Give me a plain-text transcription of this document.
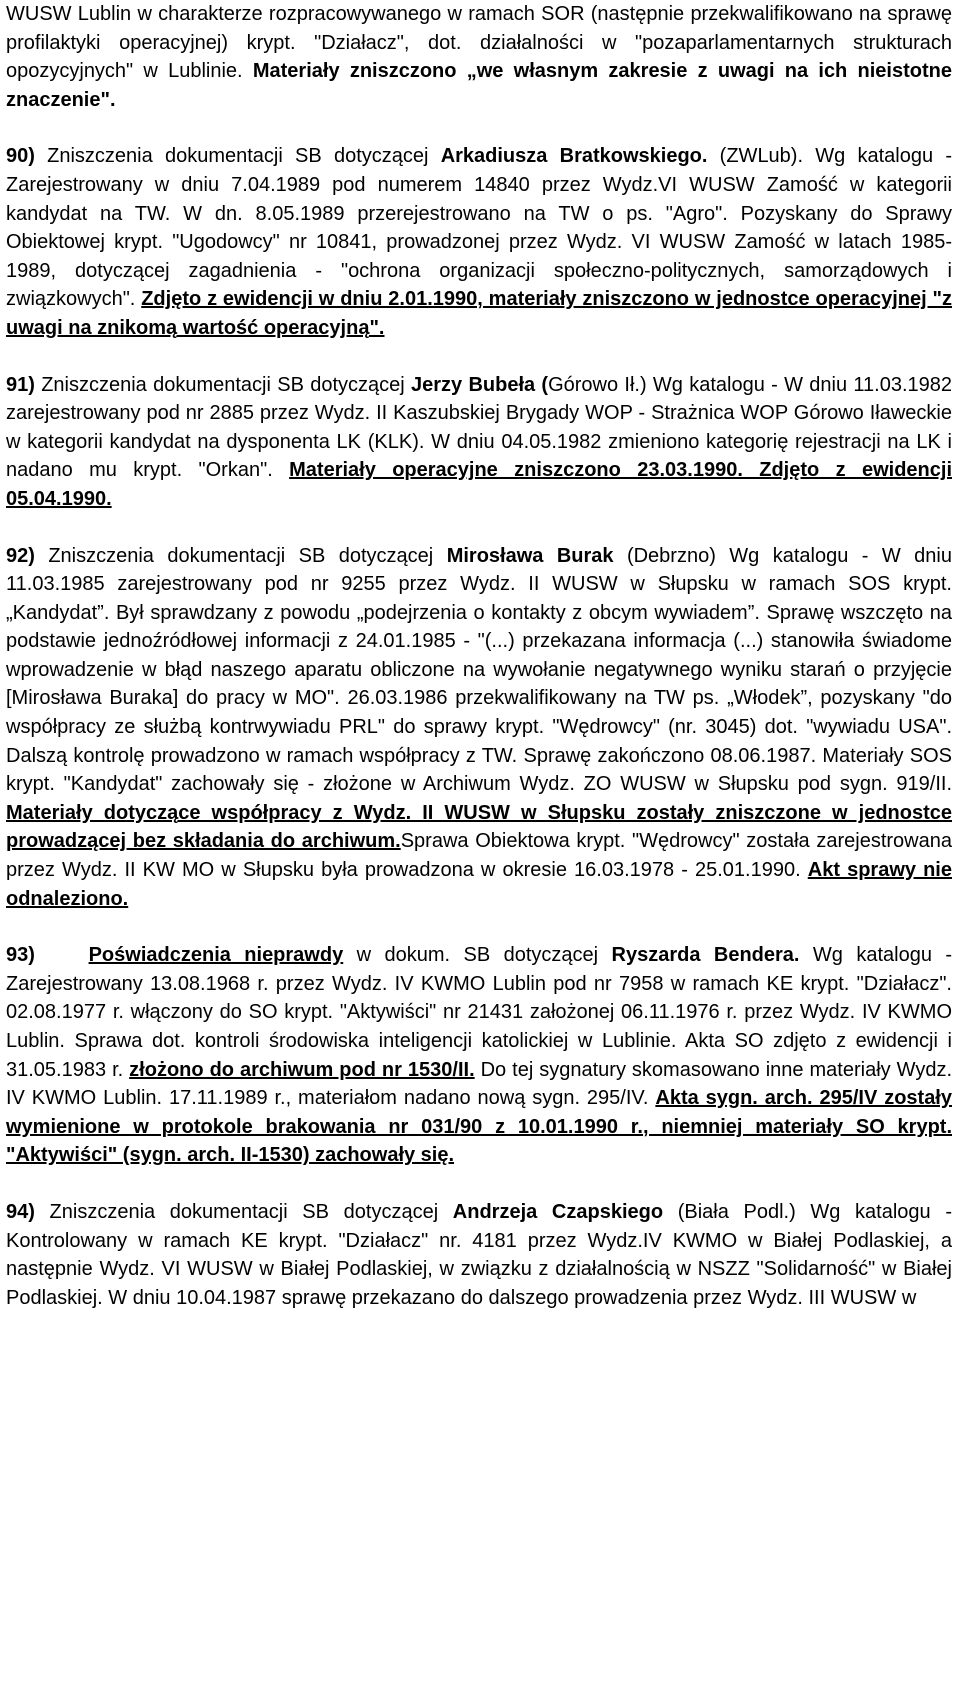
WUSW Lublin w charakterze rozpracowywanego w ramach SOR (następnie przekwalifikowano na sprawę profilaktyki operacyjnej) krypt. "Działacz", dot. działalności w "pozaparlamentarnych strukturach opozycyjnych" w Lublinie. Materiały zniszczono „we własnym zakresie z uwagi na ich nieistotne znaczenie".

90) Zniszczenia dokumentacji SB dotyczącej Arkadiusza Bratkowskiego. (ZWLub). Wg katalogu - Zarejestrowany w dniu 7.04.1989 pod numerem 14840 przez Wydz.VI WUSW Zamość w kategorii kandydat na TW. W dn. 8.05.1989 przerejestrowano na TW o ps. "Agro". Pozyskany do Sprawy Obiektowej krypt. "Ugodowcy" nr 10841, prowadzonej przez Wydz. VI WUSW Zamość w latach 1985-1989, dotyczącej zagadnienia - "ochrona organizacji społeczno-politycznych, samorządowych i związkowych". Zdjęto z ewidencji w dniu 2.01.1990, materiały zniszczono w jednostce operacyjnej "z uwagi na znikomą wartość operacyjną".

91) Zniszczenia dokumentacji SB dotyczącej Jerzy Bubeła (Górowo Ił.) Wg katalogu - W dniu 11.03.1982 zarejestrowany pod nr 2885 przez Wydz. II Kaszubskiej Brygady WOP - Strażnica WOP Górowo Iławeckie w kategorii kandydat na dysponenta LK (KLK). W dniu 04.05.1982 zmieniono kategorię rejestracji na LK i nadano mu krypt. "Orkan". Materiały operacyjne zniszczono 23.03.1990. Zdjęto z ewidencji 05.04.1990.

92) Zniszczenia dokumentacji SB dotyczącej Mirosława Burak (Debrzno) Wg katalogu - W dniu 11.03.1985 zarejestrowany pod nr 9255 przez Wydz. II WUSW w Słupsku w ramach SOS krypt. „Kandydat”. Był sprawdzany z powodu „podejrzenia o kontakty z obcym wywiadem”. Sprawę wszczęto na podstawie jednoźródłowej informacji z 24.01.1985 - "(...) przekazana informacja (...) stanowiła świadome wprowadzenie w błąd naszego aparatu obliczone na wywołanie negatywnego wyniku starań o przyjęcie [Mirosława Buraka] do pracy w MO". 26.03.1986 przekwalifikowany na TW ps. „Włodek”, pozyskany "do współpracy ze służbą kontrwywiadu PRL" do sprawy krypt. "Wędrowcy" (nr. 3045) dot. "wywiadu USA". Dalszą kontrolę prowadzono w ramach współpracy z TW. Sprawę zakończono 08.06.1987. Materiały SOS krypt. "Kandydat" zachowały się - złożone w Archiwum Wydz. ZO WUSW w Słupsku pod sygn. 919/II. Materiały dotyczące współpracy z Wydz. II WUSW w Słupsku zostały zniszczone w jednostce prowadzącej bez składania do archiwum.Sprawa Obiektowa krypt. "Wędrowcy" została zarejestrowana przez Wydz. II KW MO w Słupsku była prowadzona w okresie 16.03.1978 - 25.01.1990. Akt sprawy nie odnaleziono.

93)	Poświadczenia nieprawdy w dokum. SB dotyczącej Ryszarda Bendera. Wg katalogu - Zarejestrowany 13.08.1968 r. przez Wydz. IV KWMO Lublin pod nr 7958 w ramach KE krypt. "Działacz". 02.08.1977 r. włączony do SO krypt. "Aktywiści" nr 21431 założonej 06.11.1976 r. przez Wydz. IV KWMO Lublin. Sprawa dot. kontroli środowiska inteligencji katolickiej w Lublinie. Akta SO zdjęto z ewidencji i 31.05.1983 r. złożono do archiwum pod nr 1530/II. Do tej sygnatury skomasowano inne materiały Wydz. IV KWMO Lublin. 17.11.1989 r., materiałom nadano nową sygn. 295/IV. Akta sygn. arch. 295/IV zostały wymienione w protokole brakowania nr 031/90 z 10.01.1990 r., niemniej materiały SO krypt. "Aktywiści" (sygn. arch. II-1530) zachowały się.

94) Zniszczenia dokumentacji SB dotyczącej Andrzeja Czapskiego (Biała Podl.) Wg katalogu - Kontrolowany w ramach KE krypt. "Działacz" nr. 4181 przez Wydz.IV KWMO w Białej Podlaskiej, a następnie Wydz. VI WUSW w Białej Podlaskiej, w związku z działalnością w NSZZ "Solidarność" w Białej Podlaskiej. W dniu 10.04.1987 sprawę przekazano do dalszego prowadzenia przez Wydz. III WUSW w
